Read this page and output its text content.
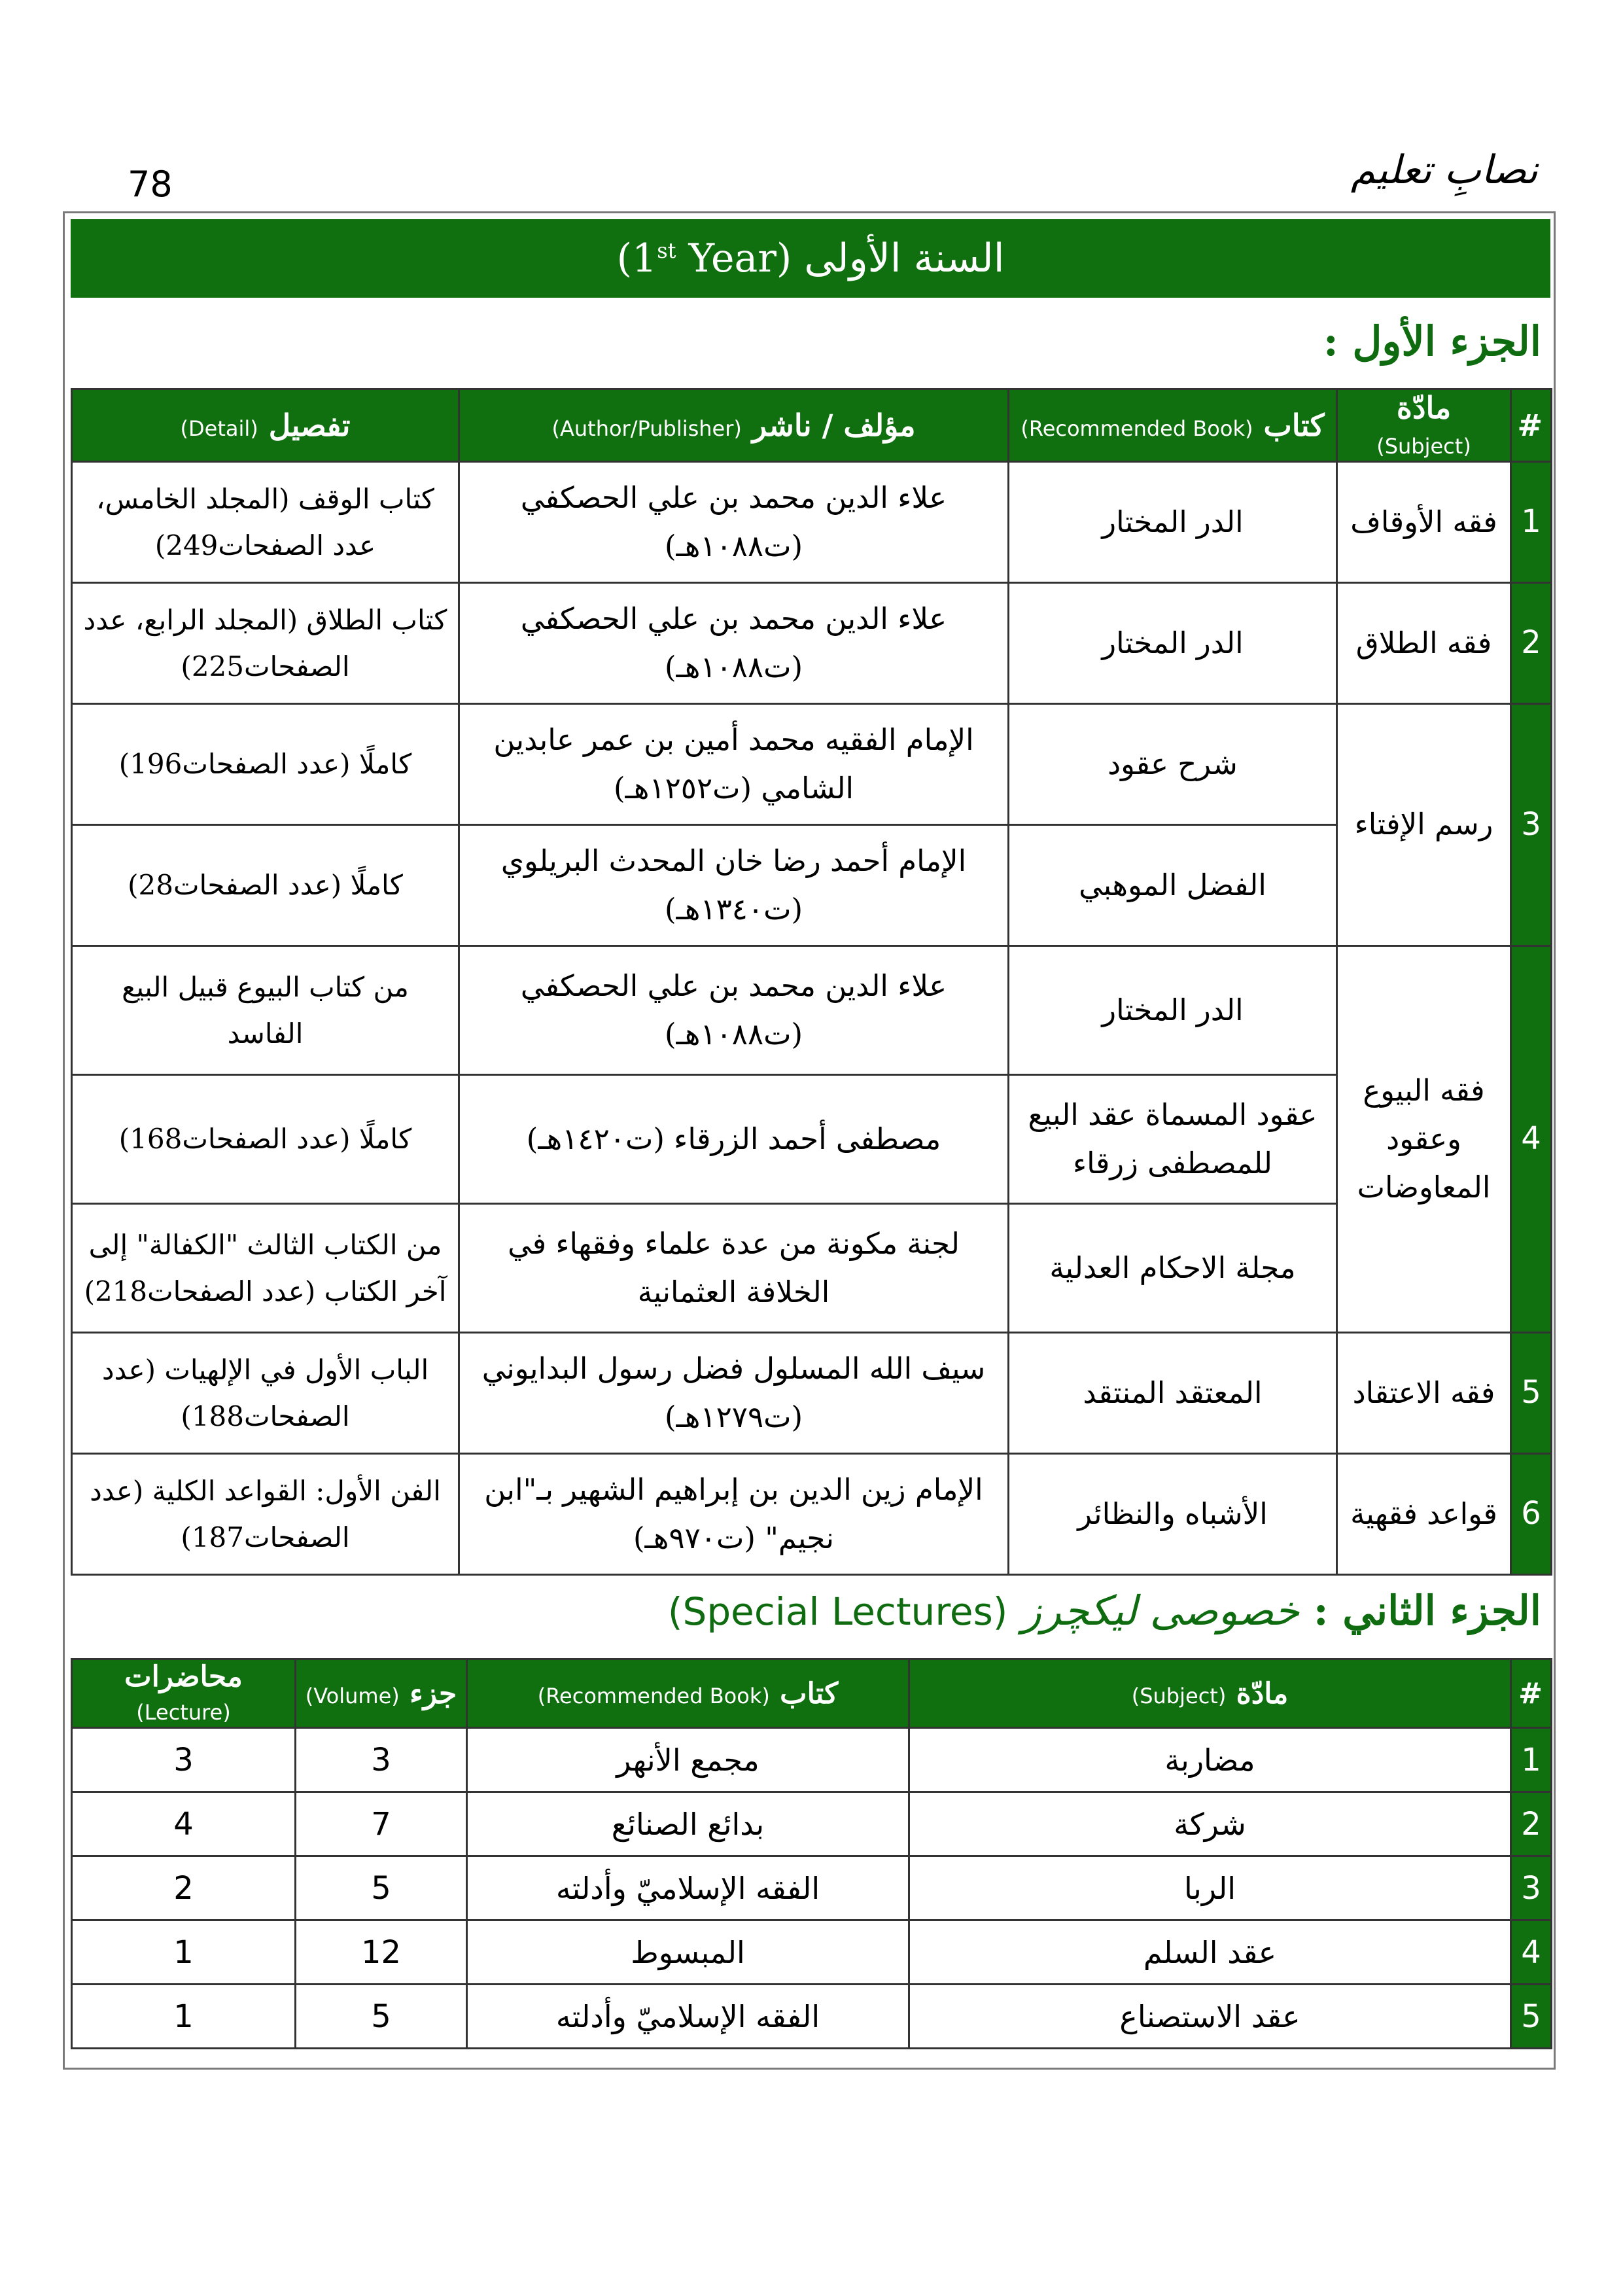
78	نصابِ تعلیم
السنة الأولى

(1st Year)
الجزء الأول :
#	مادّة (Subject)	كتاب (Recommended Book)	مؤلف / ناشر (Author/Publisher)	تفصيل (Detail)
1	فقه الأوقاف	الدر المختار	علاء الدين محمد بن علي الحصكفي (ت١٠٨٨هـ)	كتاب الوقف (المجلد الخامس، عدد الصفحات249)
2	فقه الطلاق	الدر المختار	علاء الدين محمد بن علي الحصكفي (ت١٠٨٨هـ)	كتاب الطلاق (المجلد الرابع، عدد الصفحات225)
3	رسم الإفتاء	شرح عقود	الإمام الفقيه محمد أمين بن عمر عابدين الشامي (ت١٢٥٢هـ)	كاملًا (عدد الصفحات196)
		الفضل الموهبي	الإمام أحمد رضا خان المحدث البريلوي (ت١٣٤٠هـ)	كاملًا (عدد الصفحات28)
4	فقه البيوع وعقود المعاوضات	الدر المختار	علاء الدين محمد بن علي الحصكفي (ت١٠٨٨هـ)	من كتاب البيوع قبيل البيع الفاسد
		عقود المسماة عقد البيع للمصطفى زرقاء	مصطفى أحمد الزرقاء (ت١٤٢٠هـ)	كاملًا (عدد الصفحات168)
		مجلة الاحكام العدلية	لجنة مكونة من عدة علماء وفقهاء في الخلافة العثمانية	من الكتاب الثالث "الكفالة" إلى آخر الكتاب (عدد الصفحات218)
5	فقه الاعتقاد	المعتقد المنتقد	سيف الله المسلول فضل رسول البدايوني (ت١٢٧٩هـ)	الباب الأول في الإلهيات (عدد الصفحات188)
6	قواعد فقهية	الأشباه والنظائر	الإمام زين الدين بن إبراهيم الشهير بـ"ابن نجيم" (ت٩٧٠هـ)	الفن الأول: القواعد الكلية (عدد الصفحات187)
الجزء الثاني : خصوصی لیکچرز (Special Lectures)
#	مادّة (Subject)	كتاب (Recommended Book)	جزء (Volume)	محاضرات (Lecture)
1	مضاربة	مجمع الأنهر	3	3
2	شركة	بدائع الصنائع	7	4
3	الربا	الفقه الإسلاميّ وأدلته	5	2
4	عقد السلم	المبسوط	12	1
5	عقد الاستصناع	الفقه الإسلاميّ وأدلته	5	1
